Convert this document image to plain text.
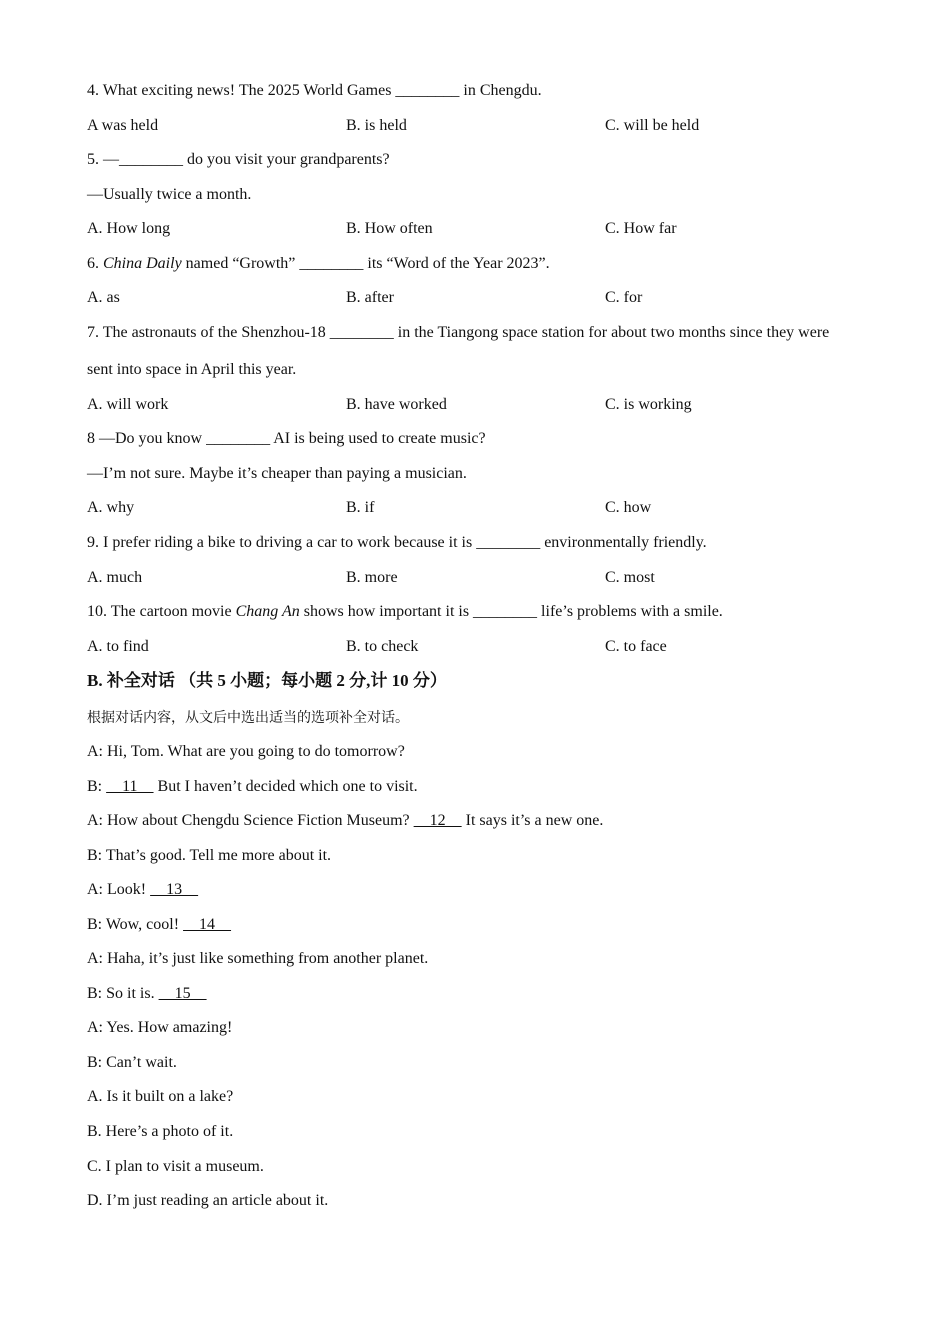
4. What exciting news! The 2025 World Games ________ in Chengdu.
A was held	B. is held	C. will be held
5. —________ do you visit your grandparents?
—Usually twice a month.
A. How long	B. How often	C. How far
6. China Daily named “Growth” ________ its “Word of the Year 2023”.
A. as	B. after	C. for
7. The astronauts of the Shenzhou-18 ________ in the Tiangong space station for about two months since they were
sent into space in April this year.
A. will work	B. have worked	C. is working
8 —Do you know ________ AI is being used to create music?
—I’m not sure. Maybe it’s cheaper than paying a musician.
A. why	B. if	C. how
9. I prefer riding a bike to driving a car to work because it is ________ environmentally friendly.
A. much	B. more	C. most
10. The cartoon movie Chang An shows how important it is ________ life’s problems with a smile.
A. to find	B. to check	C. to face
B. 补全对话 （共 5 小题；每小题 2 分,计 10 分）
根据对话内容，从文后中选出适当的选项补全对话。
A: Hi, Tom. What are you going to do tomorrow?
B:     11     But I haven’t decided which one to visit.
A: How about Chengdu Science Fiction Museum?     12     It says it’s a new one.
B: That’s good. Tell me more about it.
A: Look!     13
B: Wow, cool!     14
A: Haha, it’s just like something from another planet.
B: So it is.     15
A: Yes. How amazing!
B: Can’t wait.
A. Is it built on a lake?
B. Here’s a photo of it.
C. I plan to visit a museum.
D. I’m just reading an article about it.
